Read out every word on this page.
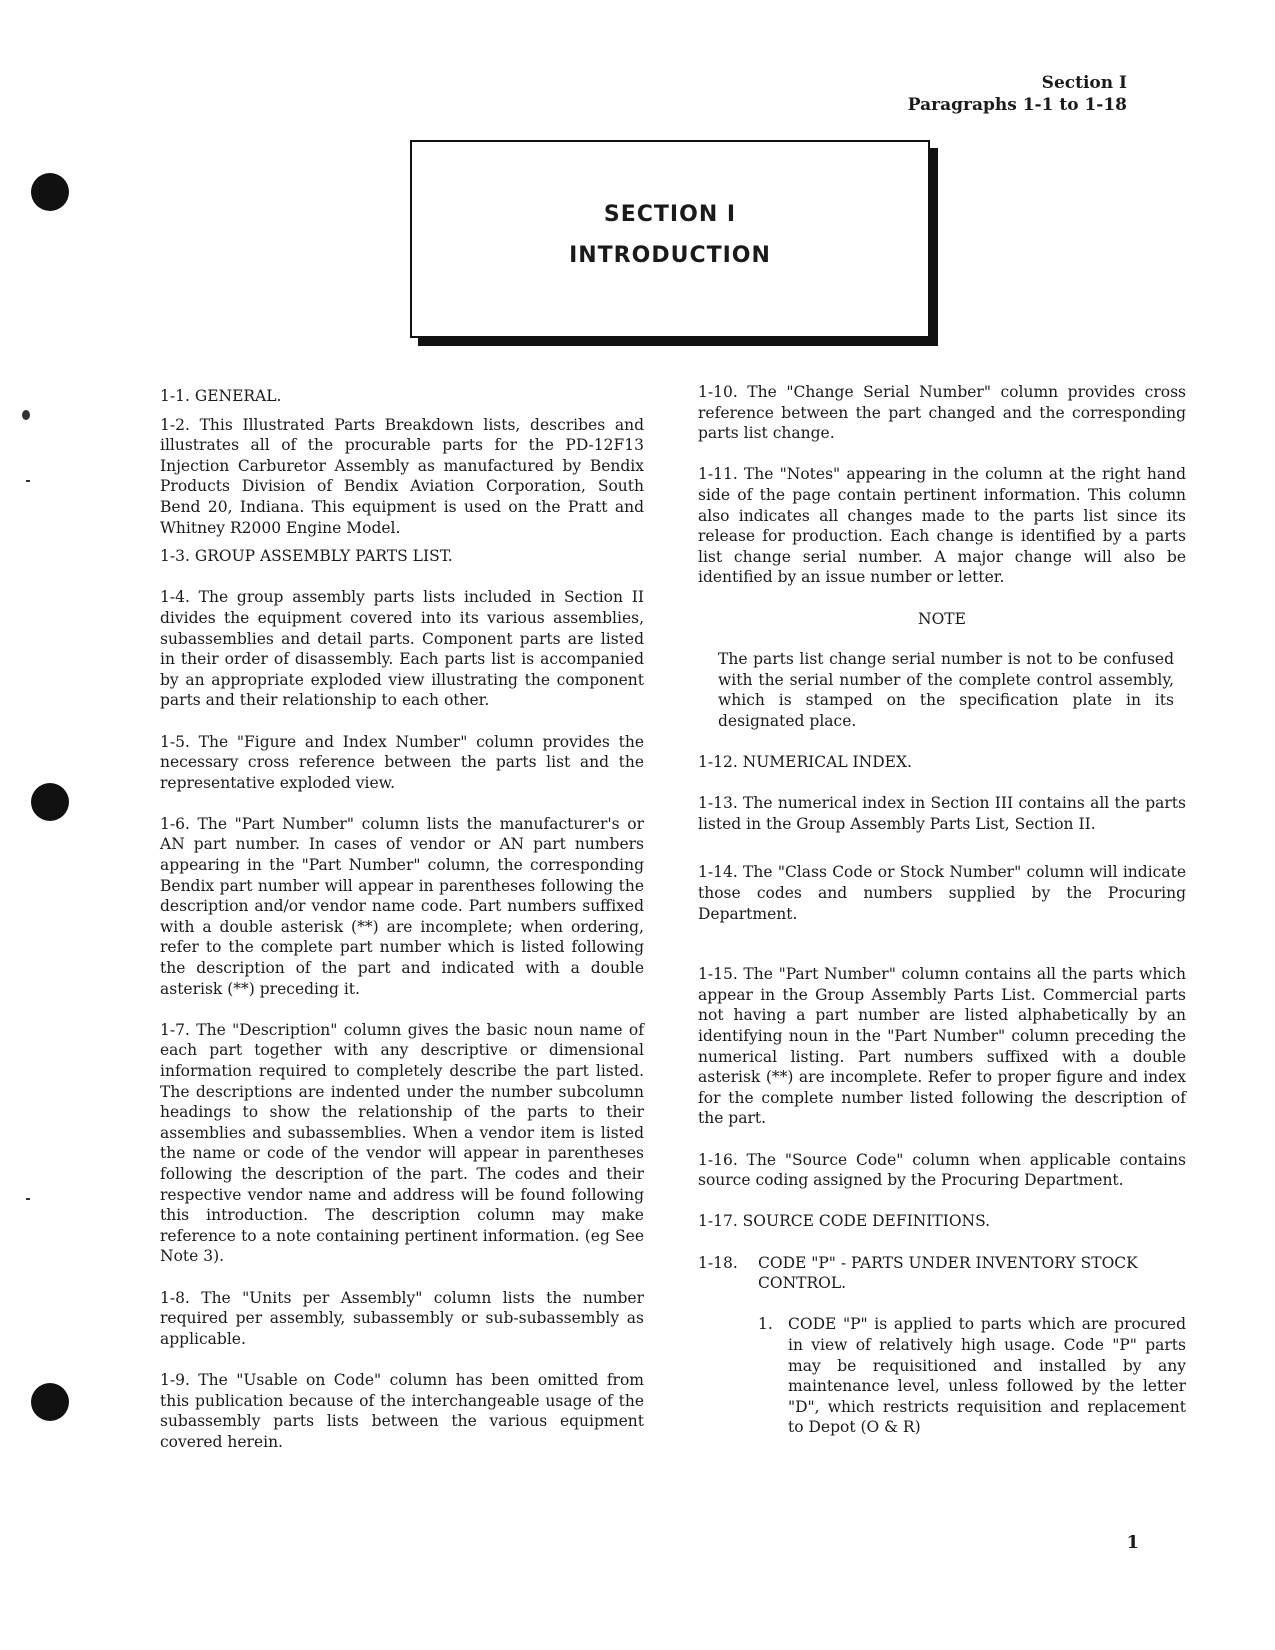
Section I
Paragraphs 1-1 to 1-18
SECTION I
INTRODUCTION

1-1. GENERAL.

1-2. This Illustrated Parts Breakdown lists, describes and illustrates all of the procurable parts for the PD-12F13 Injection Carburetor Assembly as manufactured by Bendix Products Division of Bendix Aviation Corporation, South Bend 20, Indiana. This equipment is used on the Pratt and Whitney R2000 Engine Model.

1-3. GROUP ASSEMBLY PARTS LIST.

1-4. The group assembly parts lists included in Section II divides the equipment covered into its various assemblies, subassemblies and detail parts. Component parts are listed in their order of disassembly. Each parts list is accompanied by an appropriate exploded view illustrating the component parts and their relationship to each other.

1-5. The "Figure and Index Number" column provides the necessary cross reference between the parts list and the representative exploded view.

1-6. The "Part Number" column lists the manufacturer's or AN part number. In cases of vendor or AN part numbers appearing in the "Part Number" column, the corresponding Bendix part number will appear in parentheses following the description and/or vendor name code. Part numbers suffixed with a double asterisk (**) are incomplete; when ordering, refer to the complete part number which is listed following the description of the part and indicated with a double asterisk (**) preceding it.

1-7. The "Description" column gives the basic noun name of each part together with any descriptive or dimensional information required to completely describe the part listed. The descriptions are indented under the number subcolumn headings to show the relationship of the parts to their assemblies and subassemblies. When a vendor item is listed the name or code of the vendor will appear in parentheses following the description of the part. The codes and their respective vendor name and address will be found following this introduction. The description column may make reference to a note containing pertinent information. (eg See Note 3).

1-8. The "Units per Assembly" column lists the number required per assembly, subassembly or sub-subassembly as applicable.

1-9. The "Usable on Code" column has been omitted from this publication because of the interchangeable usage of the subassembly parts lists between the various equipment covered herein.

1-10. The "Change Serial Number" column provides cross reference between the part changed and the corresponding parts list change.

1-11. The "Notes" appearing in the column at the right hand side of the page contain pertinent information. This column also indicates all changes made to the parts list since its release for production. Each change is identified by a parts list change serial number. A major change will also be identified by an issue number or letter.

NOTE
The parts list change serial number is not to be confused with the serial number of the complete control assembly, which is stamped on the specification plate in its designated place.

1-12. NUMERICAL INDEX.

1-13. The numerical index in Section III contains all the parts listed in the Group Assembly Parts List, Section II.

1-14. The "Class Code or Stock Number" column will indicate those codes and numbers supplied by the Procuring Department.

1-15. The "Part Number" column contains all the parts which appear in the Group Assembly Parts List. Commercial parts not having a part number are listed alphabetically by an identifying noun in the "Part Number" column preceding the numerical listing. Part numbers suffixed with a double asterisk (**) are incomplete. Refer to proper figure and index for the complete number listed following the description of the part.

1-16. The "Source Code" column when applicable contains source coding assigned by the Procuring Department.

1-17. SOURCE CODE DEFINITIONS.

1-18.	CODE "P" - PARTS UNDER INVENTORY STOCK CONTROL.
1. CODE "P" is applied to parts which are procured in view of relatively high usage. Code "P" parts may be requisitioned and installed by any maintenance level, unless followed by the letter "D", which restricts requisition and replacement to Depot (O & R)
1
